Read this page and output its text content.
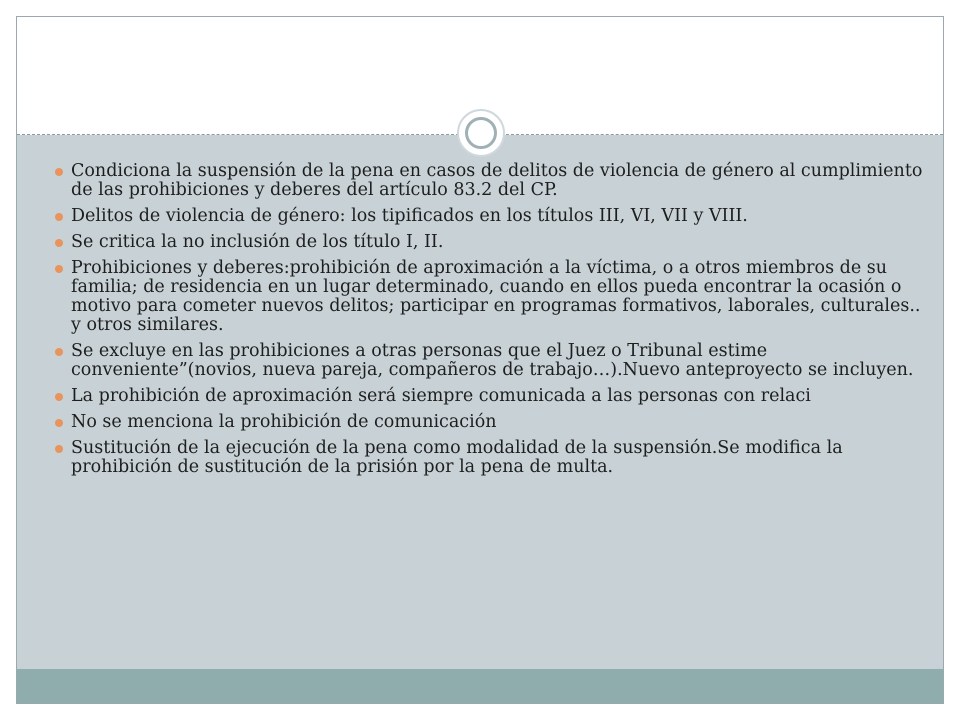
Condiciona la suspensión de la pena en casos de delitos de violencia de género al cumplimiento de las prohibiciones y deberes del artículo 83.2 del CP.
Delitos de violencia de género: los tipificados en los títulos III, VI, VII y VIII.
Se critica la no inclusión de los título I, II.
Prohibiciones y deberes:prohibición de aproximación a la víctima, o a otros miembros de su familia; de residencia en un lugar determinado, cuando en ellos pueda encontrar la ocasión o motivo para cometer nuevos delitos; participar en programas formativos, laborales, culturales.. y otros similares.
Se excluye en las prohibiciones a otras personas que el Juez o Tribunal estime conveniente”(novios, nueva pareja, compañeros de trabajo…).Nuevo anteproyecto se incluyen.
La prohibición de aproximación será siempre comunicada a las personas con relaci
No se menciona la prohibición de comunicación
Sustitución de la ejecución de la pena como modalidad de la suspensión.Se modifica la prohibición de sustitución de la prisión por la pena de multa.
